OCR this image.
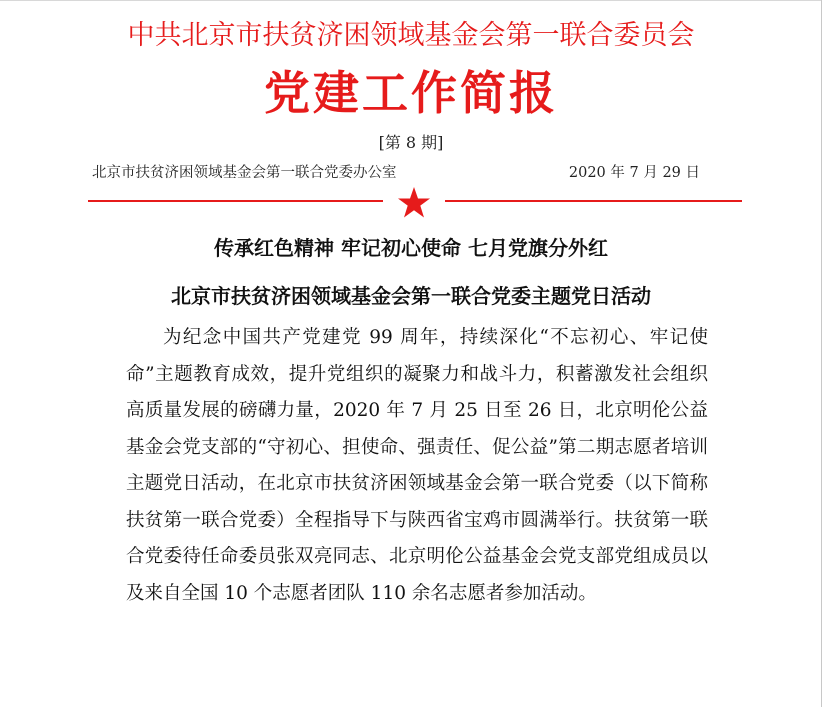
中共北京市扶贫济困领域基金会第一联合委员会
党建工作简报
[第 8 期]
北京市扶贫济困领域基金会第一联合党委办公室	2020 年 7 月 29 日
传承红色精神 牢记初心使命 七月党旗分外红
北京市扶贫济困领域基金会第一联合党委主题党日活动

为纪念中国共产党建党 99 周年，持续深化“不忘初心、牢记使命”主题教育成效，提升党组织的凝聚力和战斗力，积蓄激发社会组织高质量发展的磅礴力量，2020 年 7 月 25 日至 26 日，北京明伦公益基金会党支部的“守初心、担使命、强责任、促公益”第二期志愿者培训主题党日活动，在北京市扶贫济困领域基金会第一联合党委（以下简称扶贫第一联合党委）全程指导下与陕西省宝鸡市圆满举行。扶贫第一联合党委待任命委员张双亮同志、北京明伦公益基金会党支部党组成员以及来自全国 10 个志愿者团队 110 余名志愿者参加活动。
